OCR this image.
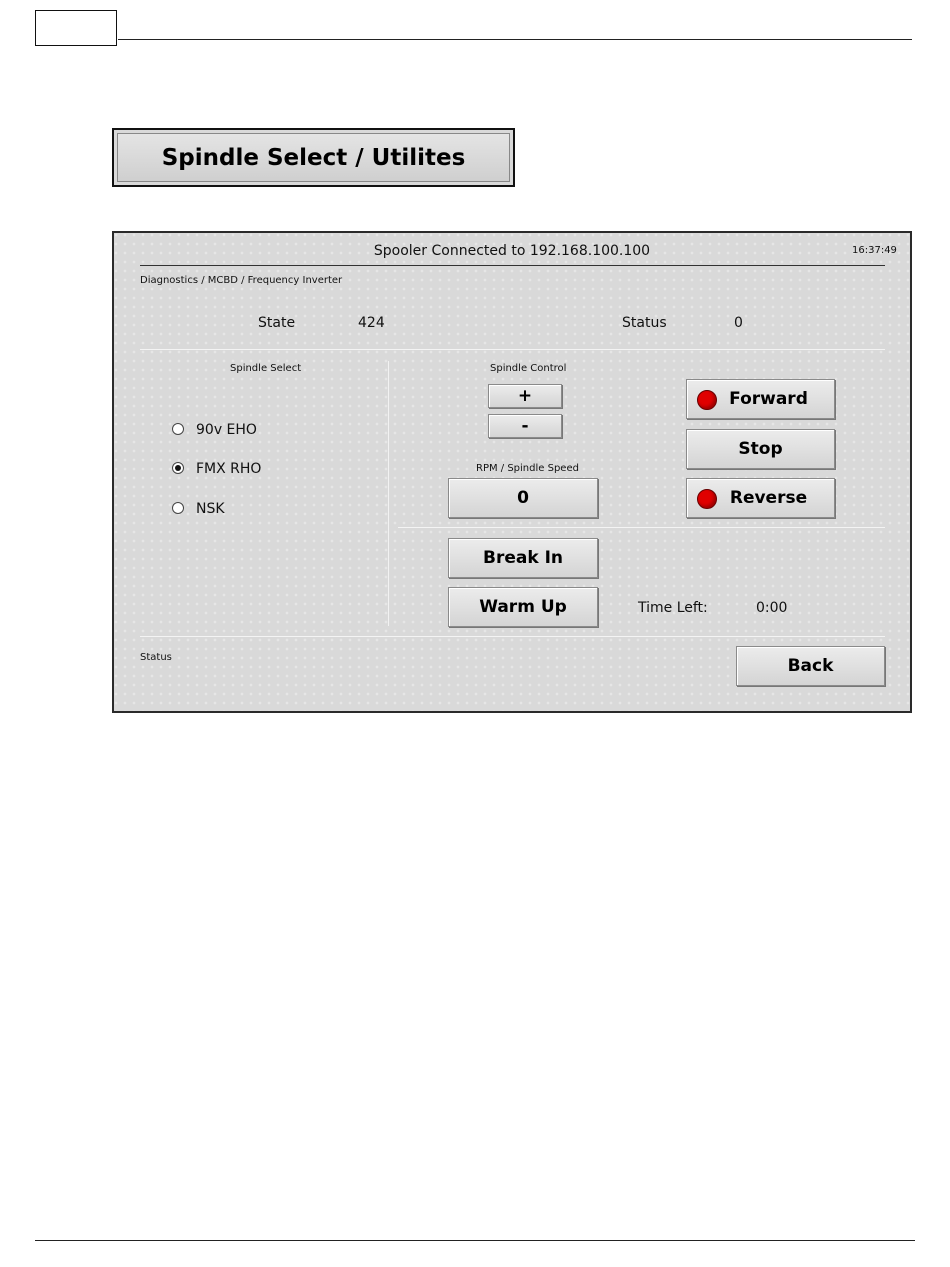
Spindle Select / Utilites
Spooler Connected to 192.168.100.100	16:37:49
Diagnostics / MCBD / Frequency Inverter
State	424	Status	0
Spindle Select
90v EHO
FMX RHO
NSK
Spindle Control
+
-
RPM / Spindle Speed
0
Forward
Stop
Reverse
Break In
Warm Up	Time Left:	0:00
Status	Back
